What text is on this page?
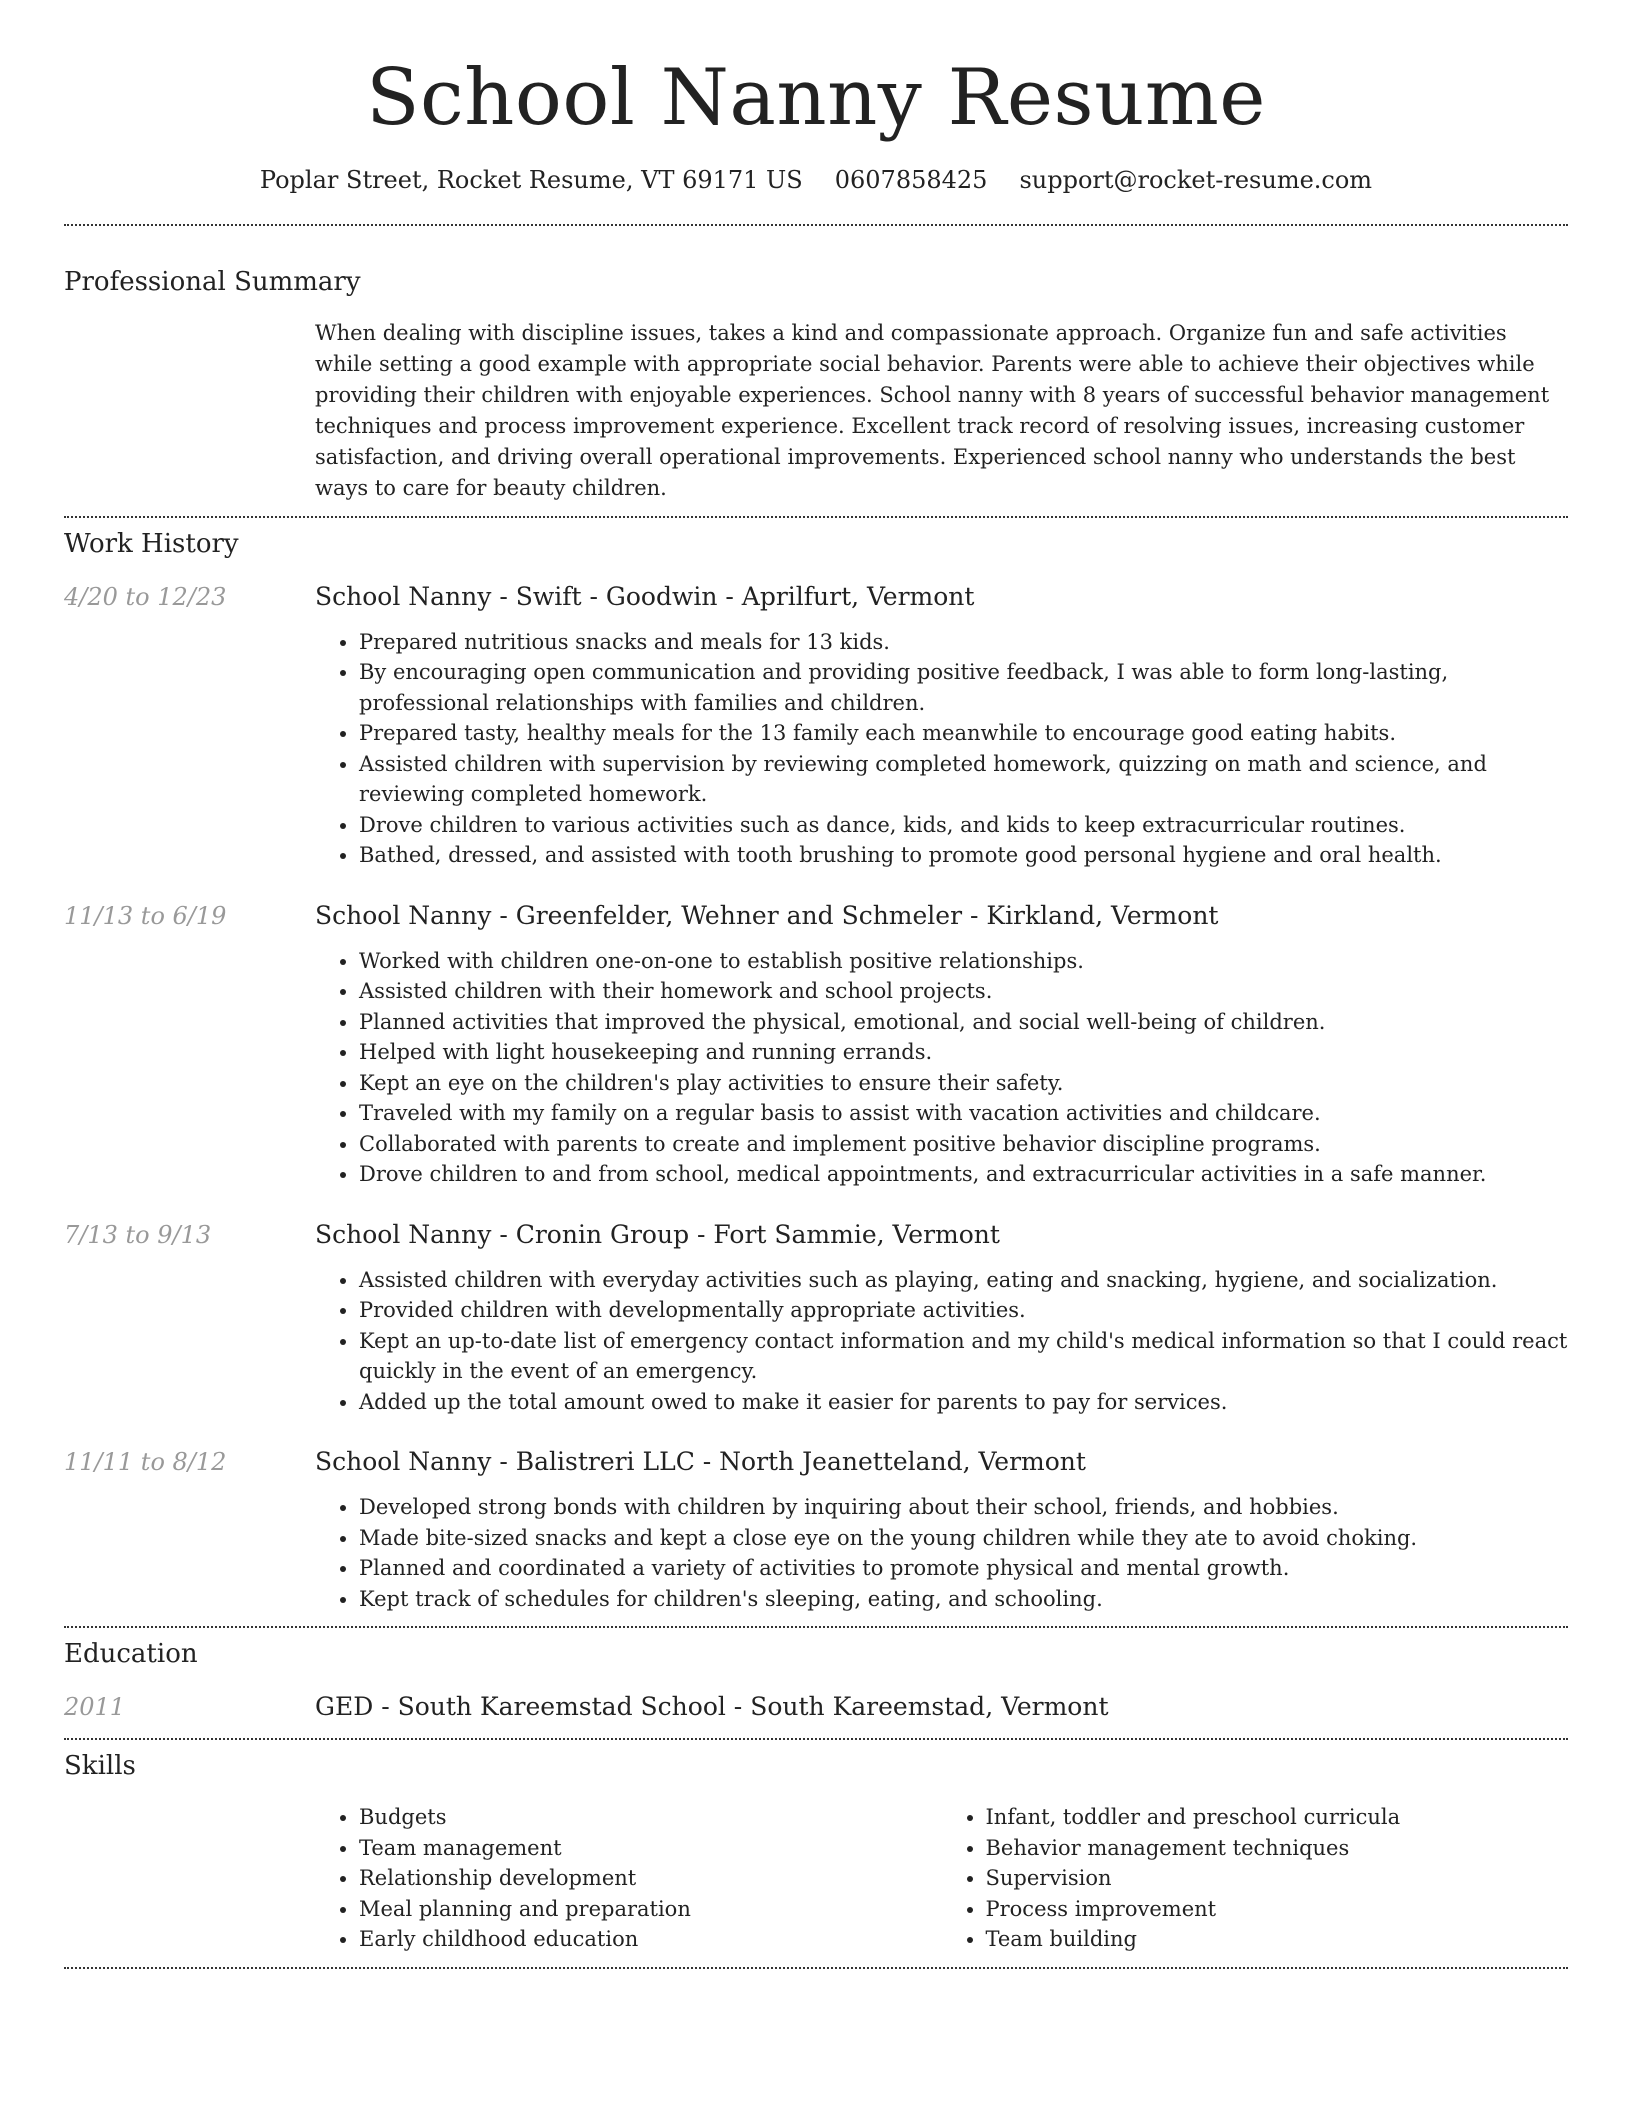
School Nanny Resume
Poplar Street, Rocket Resume, VT 69171 US 0607858425 support@rocket-resume.com
Professional Summary

When dealing with discipline issues, takes a kind and compassionate approach. Organize fun and safe activities while setting a good example with appropriate social behavior. Parents were able to achieve their objectives while providing their children with enjoyable experiences. School nanny with 8 years of successful behavior management techniques and process improvement experience. Excellent track record of resolving issues, increasing customer satisfaction, and driving overall operational improvements. Experienced school nanny who understands the best ways to care for beauty children.

Work History
4/20 to 12/23	School Nanny - Swift - Goodwin - Aprilfurt, Vermont
• Prepared nutritious snacks and meals for 13 kids.
• By encouraging open communication and providing positive feedback, I was able to form long-lasting, professional relationships with families and children.
• Prepared tasty, healthy meals for the 13 family each meanwhile to encourage good eating habits.
• Assisted children with supervision by reviewing completed homework, quizzing on math and science, and reviewing completed homework.
• Drove children to various activities such as dance, kids, and kids to keep extracurricular routines.
• Bathed, dressed, and assisted with tooth brushing to promote good personal hygiene and oral health.
11/13 to 6/19	School Nanny - Greenfelder, Wehner and Schmeler - Kirkland, Vermont
• Worked with children one-on-one to establish positive relationships.
• Assisted children with their homework and school projects.
• Planned activities that improved the physical, emotional, and social well-being of children.
• Helped with light housekeeping and running errands.
• Kept an eye on the children's play activities to ensure their safety.
• Traveled with my family on a regular basis to assist with vacation activities and childcare.
• Collaborated with parents to create and implement positive behavior discipline programs.
• Drove children to and from school, medical appointments, and extracurricular activities in a safe manner.
7/13 to 9/13	School Nanny - Cronin Group - Fort Sammie, Vermont
• Assisted children with everyday activities such as playing, eating and snacking, hygiene, and socialization.
• Provided children with developmentally appropriate activities.
• Kept an up-to-date list of emergency contact information and my child's medical information so that I could react quickly in the event of an emergency.
• Added up the total amount owed to make it easier for parents to pay for services.
11/11 to 8/12	School Nanny - Balistreri LLC - North Jeanetteland, Vermont
• Developed strong bonds with children by inquiring about their school, friends, and hobbies.
• Made bite-sized snacks and kept a close eye on the young children while they ate to avoid choking.
• Planned and coordinated a variety of activities to promote physical and mental growth.
• Kept track of schedules for children's sleeping, eating, and schooling.
Education
2011	GED - South Kareemstad School - South Kareemstad, Vermont
Skills
• Budgets
• Team management
• Relationship development
• Meal planning and preparation
• Early childhood education
• Infant, toddler and preschool curricula
• Behavior management techniques
• Supervision
• Process improvement
• Team building
